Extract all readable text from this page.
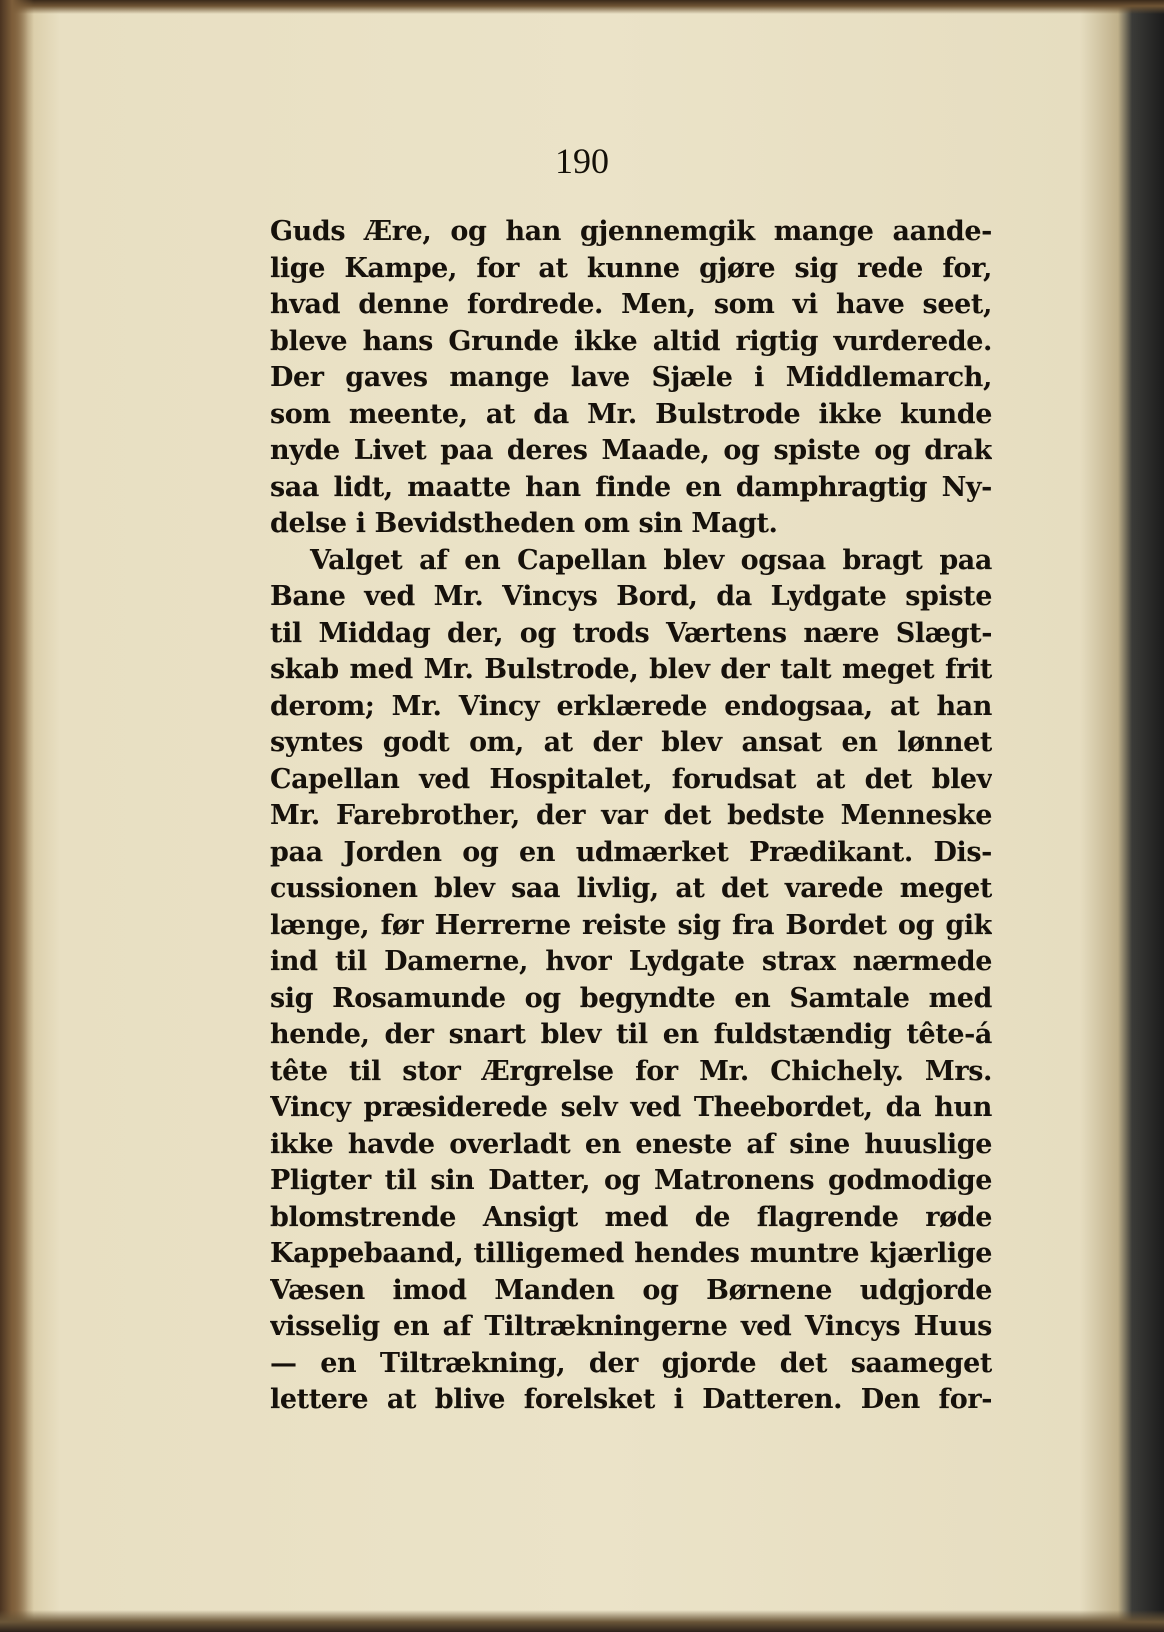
190
Guds Ære, og han gjennemgik mange aande-
lige Kampe, for at kunne gjøre sig rede for,
hvad denne fordrede. Men, som vi have seet,
bleve hans Grunde ikke altid rigtig vurderede.
Der gaves mange lave Sjæle i Middlemarch,
som meente, at da Mr. Bulstrode ikke kunde
nyde Livet paa deres Maade, og spiste og drak
saa lidt, maatte han finde en damphragtig Ny-
delse i Bevidstheden om sin Magt.
Valget af en Capellan blev ogsaa bragt paa
Bane ved Mr. Vincys Bord, da Lydgate spiste
til Middag der, og trods Værtens nære Slægt-
skab med Mr. Bulstrode, blev der talt meget frit
derom; Mr. Vincy erklærede endogsaa, at han
syntes godt om, at der blev ansat en lønnet
Capellan ved Hospitalet, forudsat at det blev
Mr. Farebrother, der var det bedste Menneske
paa Jorden og en udmærket Prædikant. Dis-
cussionen blev saa livlig, at det varede meget
længe, før Herrerne reiste sig fra Bordet og gik
ind til Damerne, hvor Lydgate strax nærmede
sig Rosamunde og begyndte en Samtale med
hende, der snart blev til en fuldstændig tête-á
tête til stor Ærgrelse for Mr. Chichely. Mrs.
Vincy præsiderede selv ved Theebordet, da hun
ikke havde overladt en eneste af sine huuslige
Pligter til sin Datter, og Matronens godmodige
blomstrende Ansigt med de flagrende røde
Kappebaand, tilligemed hendes muntre kjærlige
Væsen imod Manden og Børnene udgjorde
visselig en af Tiltrækningerne ved Vincys Huus
— en Tiltrækning, der gjorde det saameget
lettere at blive forelsket i Datteren. Den for-
